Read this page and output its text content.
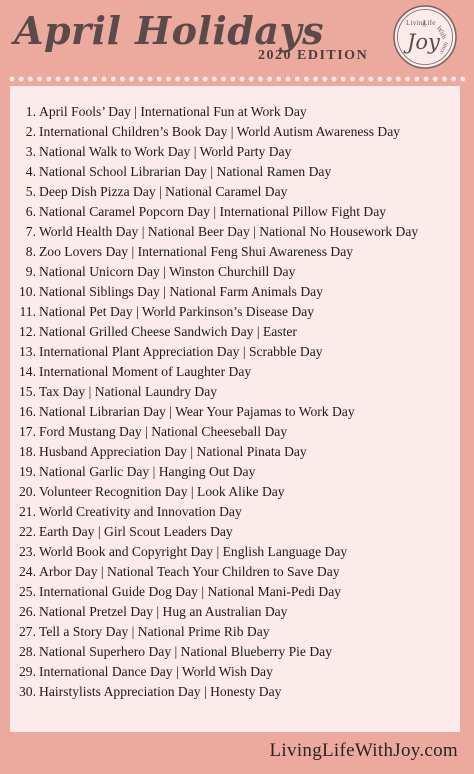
April Holidays
2020 EDITION
Living
Life
With
Joy
.com
1. April Fools’ Day | International Fun at Work Day
2. International Children’s Book Day | World Autism Awareness Day
3. National Walk to Work Day | World Party Day
4. National School Librarian Day | National Ramen Day
5. Deep Dish Pizza Day | National Caramel Day
6. National Caramel Popcorn Day | International Pillow Fight Day
7. World Health Day | National Beer Day | National No Housework Day
8. Zoo Lovers Day | International Feng Shui Awareness Day
9. National Unicorn Day | Winston Churchill Day
10. National Siblings Day | National Farm Animals Day
11. National Pet Day | World Parkinson’s Disease Day
12. National Grilled Cheese Sandwich Day | Easter
13. International Plant Appreciation Day | Scrabble Day
14. International Moment of Laughter Day
15. Tax Day | National Laundry Day
16. National Librarian Day | Wear Your Pajamas to Work Day
17. Ford Mustang Day | National Cheeseball Day
18. Husband Appreciation Day | National Pinata Day
19. National Garlic Day | Hanging Out Day
20. Volunteer Recognition Day | Look Alike Day
21. World Creativity and Innovation Day
22. Earth Day | Girl Scout Leaders Day
23. World Book and Copyright Day | English Language Day
24. Arbor Day | National Teach Your Children to Save Day
25. International Guide Dog Day | National Mani-Pedi Day
26. National Pretzel Day | Hug an Australian Day
27. Tell a Story Day | National Prime Rib Day
28. National Superhero Day | National Blueberry Pie Day
29. International Dance Day | World Wish Day
30. Hairstylists Appreciation Day | Honesty Day
LivingLifeWithJoy.com
